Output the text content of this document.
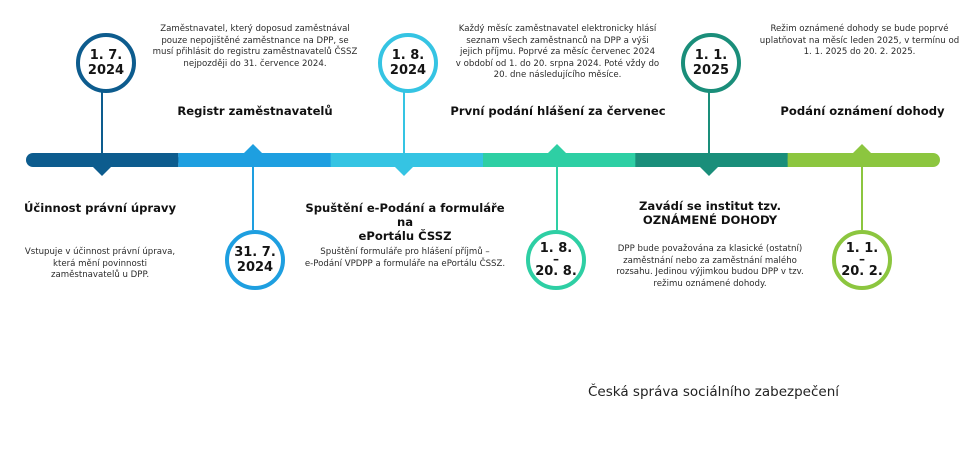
1. 7.
2024
Účinnost právní úpravy
Vstupuje v účinnost právní úprava,
která mění povinnosti
zaměstnavatelů u DPP.
Zaměstnavatel, který doposud zaměstnával
pouze nepojištěné zaměstnance na DPP, se
musí přihlásit do registru zaměstnavatelů ČSSZ
nejpozději do 31. července 2024.
Registr zaměstnavatelů
31. 7.
2024
1. 8.
2024
Spuštění e-Podání a formuláře na
ePortálu ČSSZ
Spuštění formuláře pro hlášení příjmů –
e-Podání VPDPP a formuláře na ePortálu ČSSZ.
Každý měsíc zaměstnavatel elektronicky hlásí
seznam všech zaměstnanců na DPP a výši
jejich příjmu. Poprvé za měsíc červenec 2024
v období od 1. do 20. srpna 2024. Poté vždy do
20. dne následujícího měsíce.
První podání hlášení za červenec
1. 8.
–
20. 8.
1. 1.
2025
Zavádí se institut tzv.
OZNÁMENÉ DOHODY
DPP bude považována za klasické (ostatní)
zaměstnání nebo za zaměstnání malého
rozsahu. Jedinou výjimkou budou DPP v tzv.
režimu oznámené dohody.
Režim oznámené dohody se bude poprvé
uplatňovat na měsíc leden 2025, v termínu od
1. 1. 2025 do 20. 2. 2025.
Podání oznámení dohody
1. 1.
–
20. 2.
Česká správa sociálního zabezpečení
